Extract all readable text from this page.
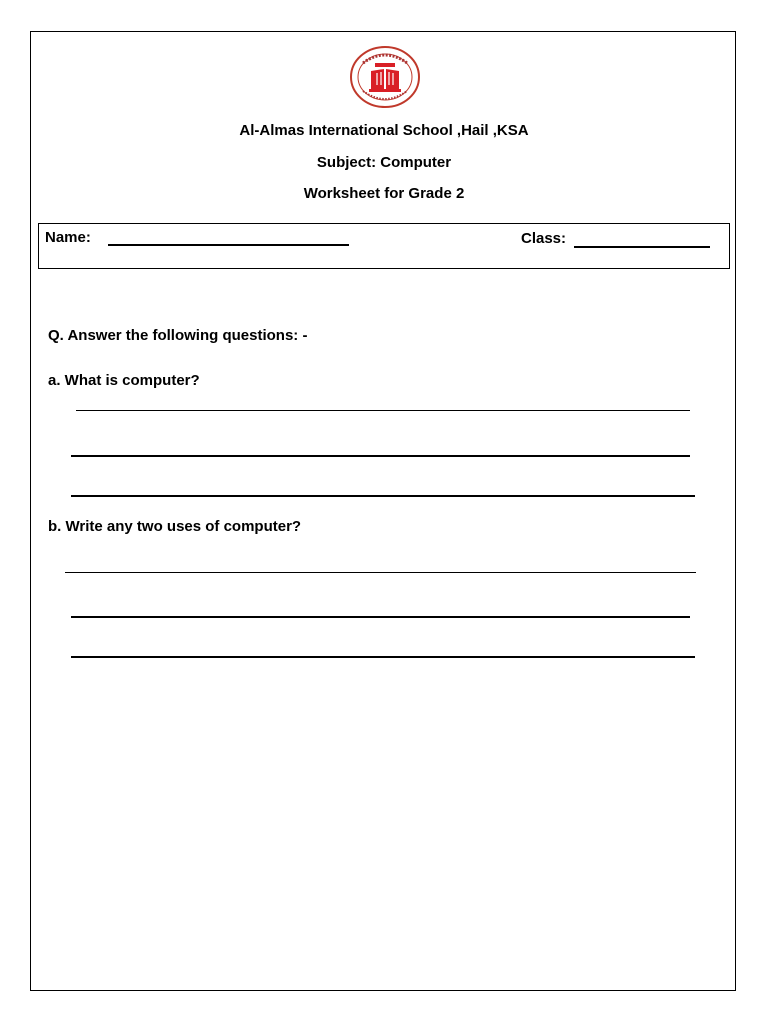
Al-Almas International School ,Hail ,KSA
Subject: Computer
Worksheet for Grade 2
Name:	Class:
Q. Answer the following questions: -
a. What is computer?
b. Write any two uses of computer?
